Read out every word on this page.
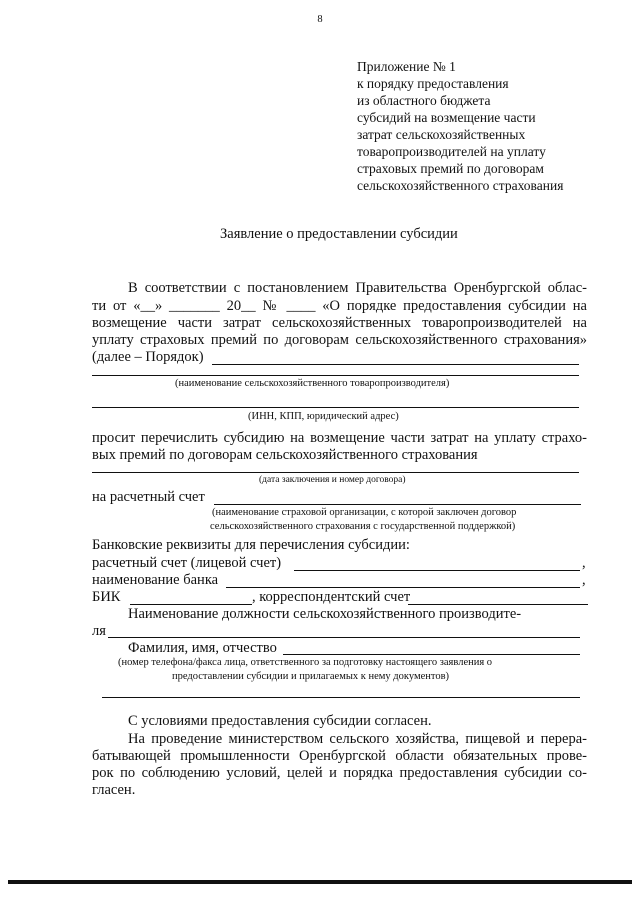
8
Приложение № 1
к порядку предоставления
из областного бюджета
субсидий на возмещение части
затрат сельскохозяйственных
товаропроизводителей на уплату
страховых премий по договорам
сельскохозяйственного страхования
Заявление о предоставлении субсидии
В соответствии с постановлением Правительства Оренбургской облас-
ти от «__» _______ 20__ № ____ «О порядке предоставления субсидии на
возмещение части затрат сельскохозяйственных товаропроизводителей на
уплату страховых премий по договорам сельскохозяйственного страхования»
(далее – Порядок)
(наименование сельскохозяйственного товаропроизводителя)
(ИНН, КПП, юридический адрес)
просит перечислить субсидию на возмещение части затрат на уплату страхо-
вых премий по договорам сельскохозяйственного страхования
(дата заключения и номер договора)
на расчетный счет
(наименование страховой организации, с которой заключен договор
сельскохозяйственного страхования с государственной поддержкой)
Банковские реквизиты для перечисления субсидии:
расчетный счет (лицевой счет)	,
наименование банка	,
БИК	, корреспондентский счет
Наименование должности сельскохозяйственного производите-
ля
Фамилия, имя, отчество
(номер телефона/факса лица, ответственного за подготовку настоящего заявления о
предоставлении субсидии и прилагаемых к нему документов)
С условиями предоставления субсидии согласен.
На проведение министерством сельского хозяйства, пищевой и перера-
батывающей промышленности Оренбургской области обязательных прове-
рок по соблюдению условий, целей и порядка предоставления субсидии со-
гласен.
